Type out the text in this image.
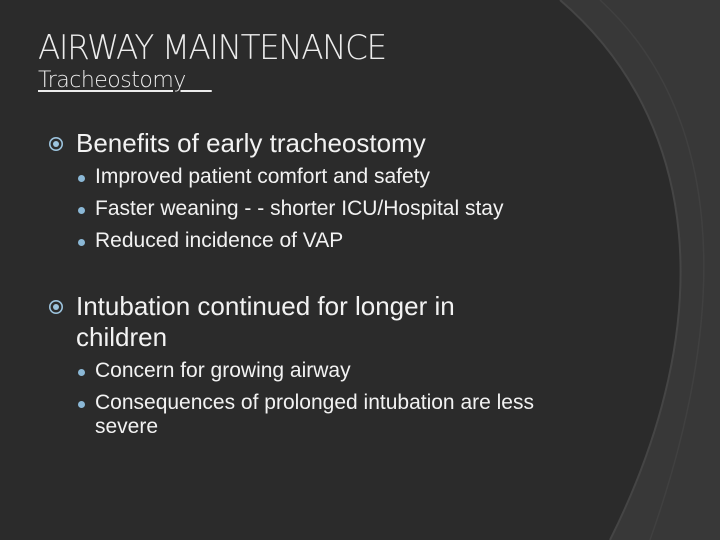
AIRWAY MAINTENANCE
Tracheostomy
Benefits of early tracheostomy
Improved patient comfort and safety
Faster weaning - - shorter ICU/Hospital stay
Reduced incidence of VAP
Intubation continued for longer in children
Concern for growing airway
Consequences of prolonged intubation are less severe
